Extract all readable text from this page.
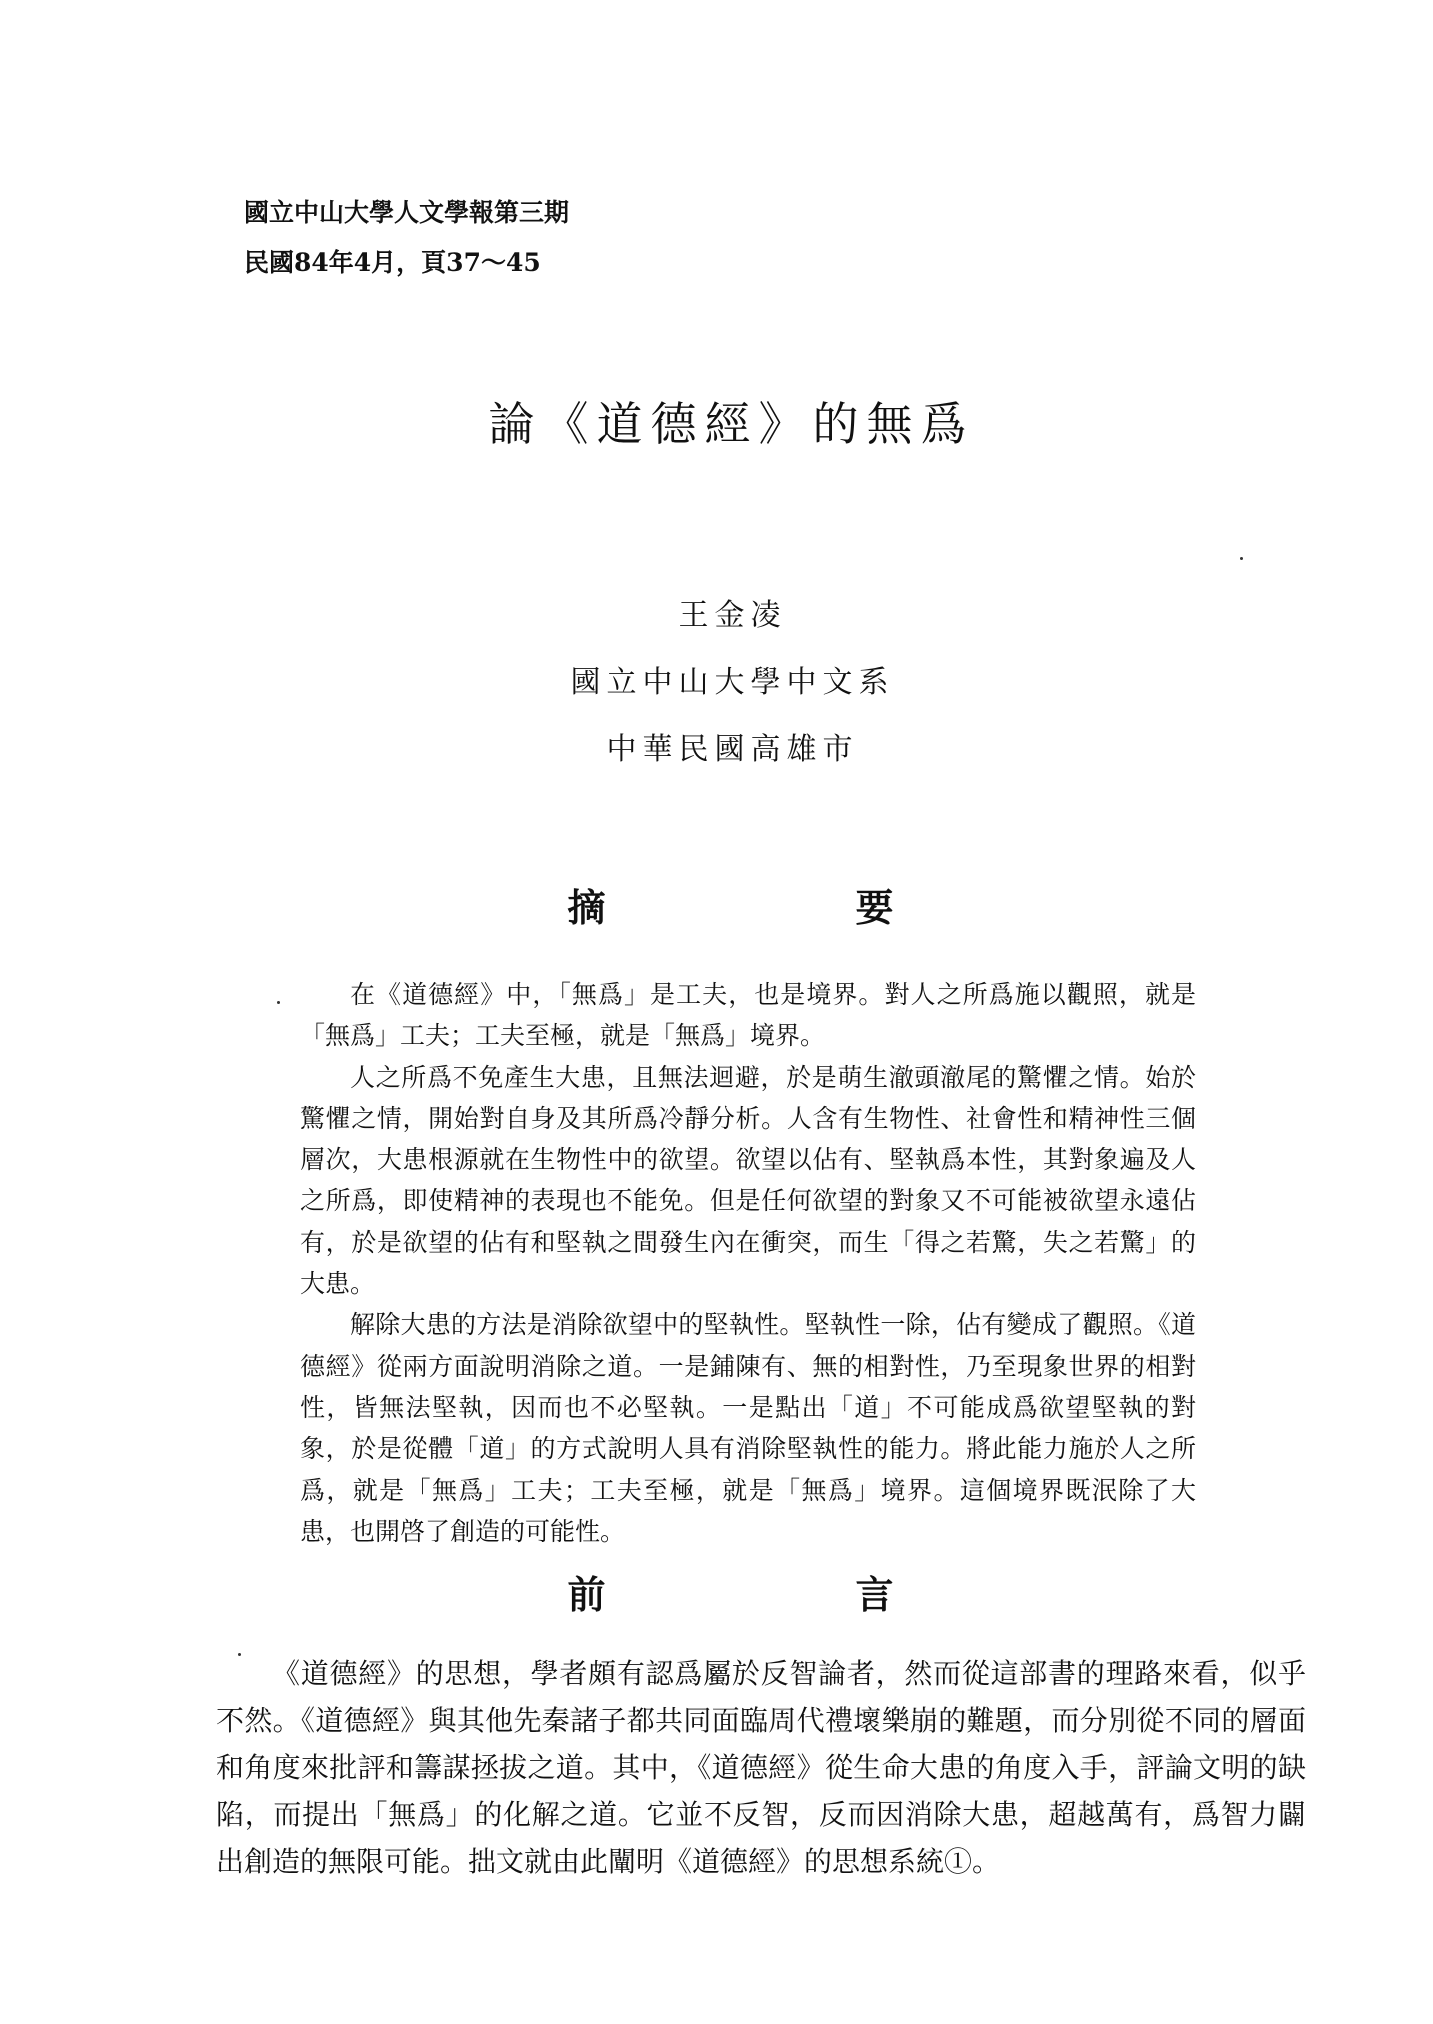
國立中山大學人文學報第三期
民國84年4月，頁37～45
論《道德經》的無爲
王金凌
國立中山大學中文系
中華民國高雄市
摘	要

在《道德經》中，「無爲」是工夫，也是境界。對人之所爲施以觀照，就是「無爲」工夫；工夫至極，就是「無爲」境界。

人之所爲不免產生大患，且無法迴避，於是萌生澈頭澈尾的驚懼之情。始於驚懼之情，開始對自身及其所爲冷靜分析。人含有生物性、社會性和精神性三個層次，大患根源就在生物性中的欲望。欲望以佔有、堅執爲本性，其對象遍及人之所爲，即使精神的表現也不能免。但是任何欲望的對象又不可能被欲望永遠佔有，於是欲望的佔有和堅執之間發生內在衝突，而生「得之若驚，失之若驚」的大患。

解除大患的方法是消除欲望中的堅執性。堅執性一除，佔有變成了觀照。《道德經》從兩方面說明消除之道。一是鋪陳有、無的相對性，乃至現象世界的相對性，皆無法堅執，因而也不必堅執。一是點出「道」不可能成爲欲望堅執的對象，於是從體「道」的方式說明人具有消除堅執性的能力。將此能力施於人之所爲，就是「無爲」工夫；工夫至極，就是「無爲」境界。這個境界既泯除了大患，也開啓了創造的可能性。

前	言

《道德經》的思想，學者頗有認爲屬於反智論者，然而從這部書的理路來看，似乎不然。《道德經》與其他先秦諸子都共同面臨周代禮壞樂崩的難題，而分別從不同的層面和角度來批評和籌謀拯拔之道。其中，《道德經》從生命大患的角度入手，評論文明的缺陷，而提出「無爲」的化解之道。它並不反智，反而因消除大患，超越萬有，爲智力闢出創造的無限可能。拙文就由此闡明《道德經》的思想系統①。
